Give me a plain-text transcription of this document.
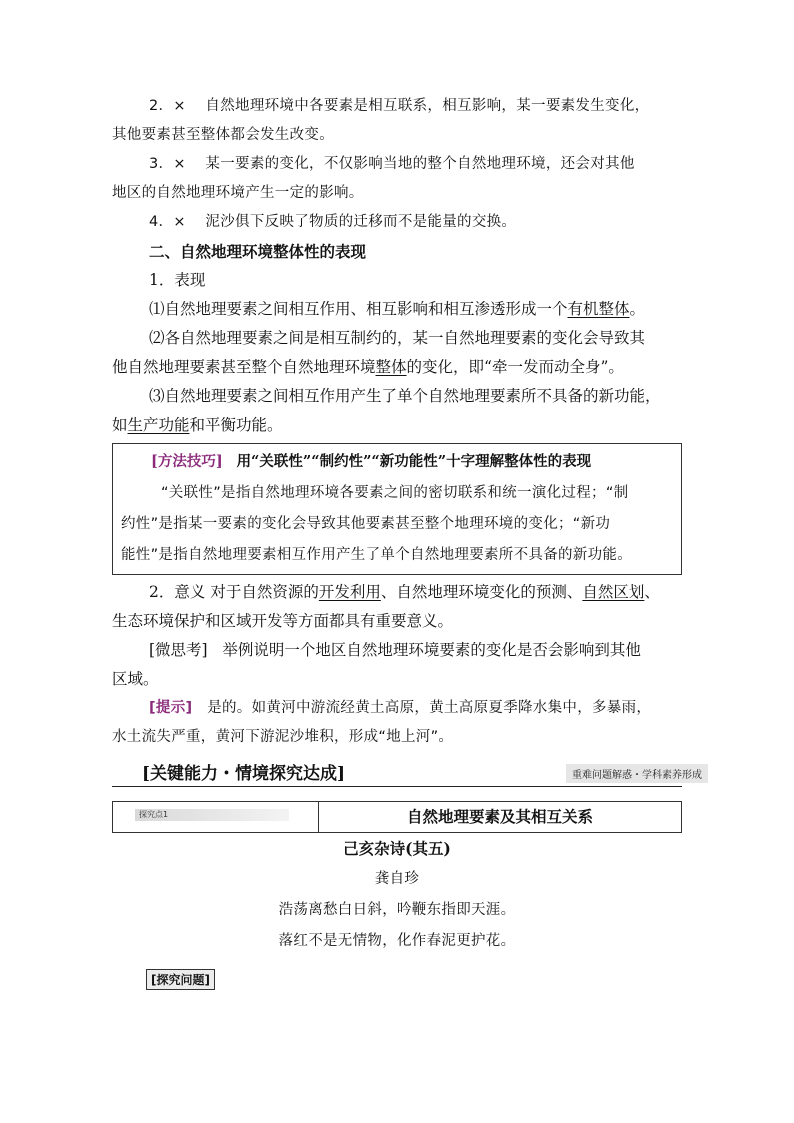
2．× 自然地理环境中各要素是相互联系，相互影响，某一要素发生变化，

其他要素甚至整体都会发生改变。

3．× 某一要素的变化，不仅影响当地的整个自然地理环境，还会对其他

地区的自然地理环境产生一定的影响。

4．× 泥沙俱下反映了物质的迁移而不是能量的交换。

二、自然地理环境整体性的表现

1．表现

⑴自然地理要素之间相互作用、相互影响和相互渗透形成一个有机整体。

⑵各自然地理要素之间是相互制约的，某一自然地理要素的变化会导致其

他自然地理要素甚至整个自然地理环境整体的变化，即“牵一发而动全身”。

⑶自然地理要素之间相互作用产生了单个自然地理要素所不具备的新功能，

如生产功能和平衡功能。

[方法技巧] 用“关联性”“制约性”“新功能性”十字理解整体性的表现

“关联性”是指自然地理环境各要素之间的密切联系和统一演化过程；“制

约性”是指某一要素的变化会导致其他要素甚至整个地理环境的变化；“新功

能性”是指自然地理要素相互作用产生了单个自然地理要素所不具备的新功能。

2．意义 对于自然资源的开发利用、自然地理环境变化的预测、自然区划、

生态环境保护和区域开发等方面都具有重要意义。

[微思考] 举例说明一个地区自然地理环境要素的变化是否会影响到其他

区域。

[提示] 是的。如黄河中游流经黄土高原，黄土高原夏季降水集中，多暴雨，

水土流失严重，黄河下游泥沙堆积，形成“地上河”。

[关键能力・情境探究达成]	重难问题解惑・学科素养形成
探究点1	自然地理要素及其相互关系
己亥杂诗(其五)
龚自珍
浩荡离愁白日斜，吟鞭东指即天涯。
落红不是无情物，化作春泥更护花。
[探究问题]
